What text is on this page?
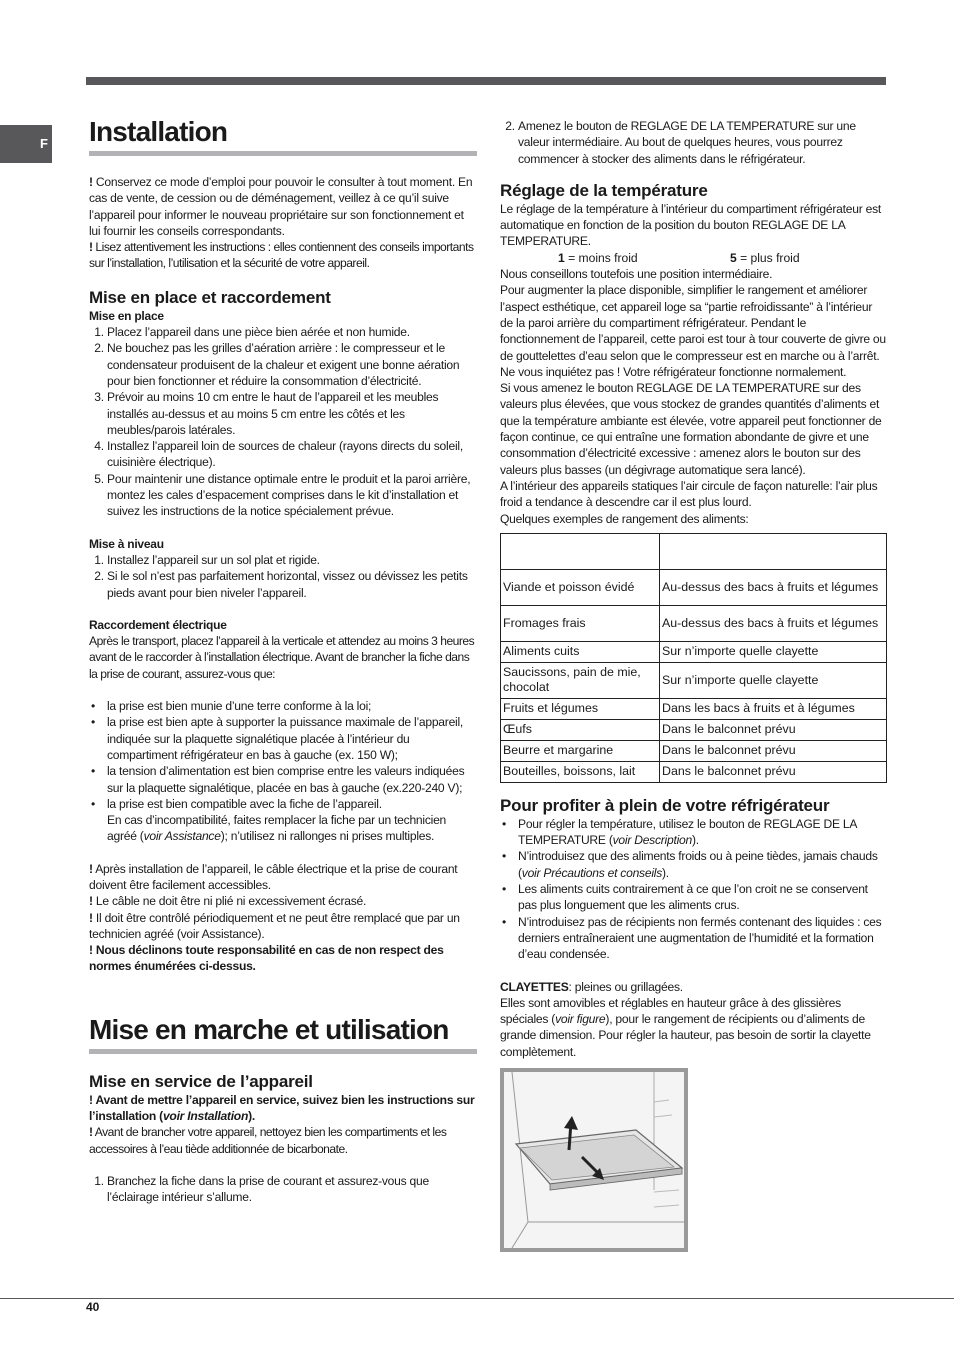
F Installation

! Conservez ce mode d’emploi pour pouvoir le consulter à tout moment. En cas de vente, de cession ou de déménagement, veillez à ce qu’il suive l’appareil pour informer le nouveau propriétaire sur son fonctionnement et lui fournir les conseils correspondants.

! Lisez attentivement les instructions : elles contiennent des conseils importants sur l’installation, l’utilisation et la sécurité de votre appareil.

Mise en place et raccordement

Mise en place

1. Placez l’appareil dans une pièce bien aérée et non humide.
2. Ne bouchez pas les grilles d’aération arrière : le compresseur et le condensateur produisent de la chaleur et exigent une bonne aération pour bien fonctionner et réduire la consommation d’électricité.
3. Prévoir au moins 10 cm entre le haut de l’appareil et les meubles installés au-dessus et au moins 5 cm entre les côtés et les meubles/parois latérales.
4. Installez l’appareil loin de sources de chaleur (rayons directs du soleil, cuisinière électrique).
5. Pour maintenir une distance optimale entre le produit et la paroi arrière, montez les cales d’espacement comprises dans le kit d’installation et suivez les instructions de la notice spécialement prévue.

Mise à niveau

1. Installez l’appareil sur un sol plat et rigide.
2. Si le sol n’est pas parfaitement horizontal, vissez ou dévissez les petits pieds avant pour bien niveler l’appareil.

Raccordement électrique

Après le transport, placez l’appareil à la verticale et attendez au moins 3 heures avant de le raccorder à l’installation électrique. Avant de brancher la fiche dans la prise de courant, assurez-vous que:

• la prise est bien munie d’une terre conforme à la loi;
• la prise est bien apte à supporter la puissance maximale de l’appareil, indiquée sur la plaquette signalétique placée à l’intérieur du compartiment réfrigérateur en bas à gauche (ex. 150 W);
• la tension d’alimentation est bien comprise entre les valeurs indiquées sur la plaquette signalétique, placée en bas à gauche (ex.220-240 V);
• la prise est bien compatible avec la fiche de l’appareil.
En cas d’incompatibilité, faites remplacer la fiche par un technicien agréé (voir Assistance); n’utilisez ni rallonges ni prises multiples.

! Après installation de l’appareil, le câble électrique et la prise de courant doivent être facilement accessibles.

! Le câble ne doit être ni plié ni excessivement écrasé.

! Il doit être contrôlé périodiquement et ne peut être remplacé que par un technicien agréé (voir Assistance).

! Nous déclinons toute responsabilité en cas de non respect des normes énumérées ci-dessus.

Mise en marche et utilisation
Mise en service de l’appareil

! Avant de mettre l’appareil en service, suivez bien les instructions sur l’installation (voir Installation).

! Avant de brancher votre appareil, nettoyez bien les compartiments et les accessoires à l’eau tiède additionnée de bicarbonate.

1. Branchez la fiche dans la prise de courant et assurez-vous que l’éclairage intérieur s’allume.
2. Amenez le bouton de REGLAGE DE LA TEMPERATURE sur une valeur intermédiaire. Au bout de quelques heures, vous pourrez commencer à stocker des aliments dans le réfrigérateur.
Réglage de la température

Le réglage de la température à l’intérieur du compartiment réfrigérateur est automatique en fonction de la position du bouton REGLAGE DE LA TEMPERATURE.

1 = moins froid	5 = plus froid

Nous conseillons toutefois une position intermédiaire.

Pour augmenter la place disponible, simplifier le rangement et améliorer l’aspect esthétique, cet appareil loge sa “partie refroidissante” à l’intérieur de la paroi arrière du compartiment réfrigérateur. Pendant le fonctionnement de l’appareil, cette paroi est tour à tour couverte de givre ou de gouttelettes d’eau selon que le compresseur est en marche ou à l’arrêt. Ne vous inquiétez pas ! Votre réfrigérateur fonctionne normalement.

Si vous amenez le bouton REGLAGE DE LA TEMPERATURE sur des valeurs plus élevées, que vous stockez de grandes quantités d’aliments et que la température ambiante est élevée, votre appareil peut fonctionner de façon continue, ce qui entraîne une formation abondante de givre et une consommation d’électricité excessive : amenez alors le bouton sur des valeurs plus basses (un dégivrage automatique sera lancé).

A l’intérieur des appareils statiques l’air circule de façon naturelle: l’air plus froid a tendance à descendre car il est plus lourd.

Quelques exemples de rangement des aliments:

Viande et poisson évidé	Au-dessus des bacs à fruits et légumes
Fromages frais	Au-dessus des bacs à fruits et légumes
Aliments cuits	Sur n’importe quelle clayette
Saucissons, pain de mie, chocolat	Sur n’importe quelle clayette
Fruits et légumes	Dans les bacs à fruits et à légumes
Œufs	Dans le balconnet prévu
Beurre et margarine	Dans le balconnet prévu
Bouteilles, boissons, lait	Dans le balconnet prévu
Pour profiter à plein de votre réfrigérateur
• Pour régler la température, utilisez le bouton de REGLAGE DE LA TEMPERATURE (voir Description).
• N’introduisez que des aliments froids ou à peine tièdes, jamais chauds (voir Précautions et conseils).
• Les aliments cuits contrairement à ce que l’on croit ne se conservent pas plus longuement que les aliments crus.
• N’introduisez pas de récipients non fermés contenant des liquides : ces derniers entraîneraient une augmentation de l’humidité et la formation d’eau condensée.

CLAYETTES: pleines ou grillagées.

Elles sont amovibles et réglables en hauteur grâce à des glissières spéciales (voir figure), pour le rangement de récipients ou d’aliments de grande dimension. Pour régler la hauteur, pas besoin de sortir la clayette complètement.

40
